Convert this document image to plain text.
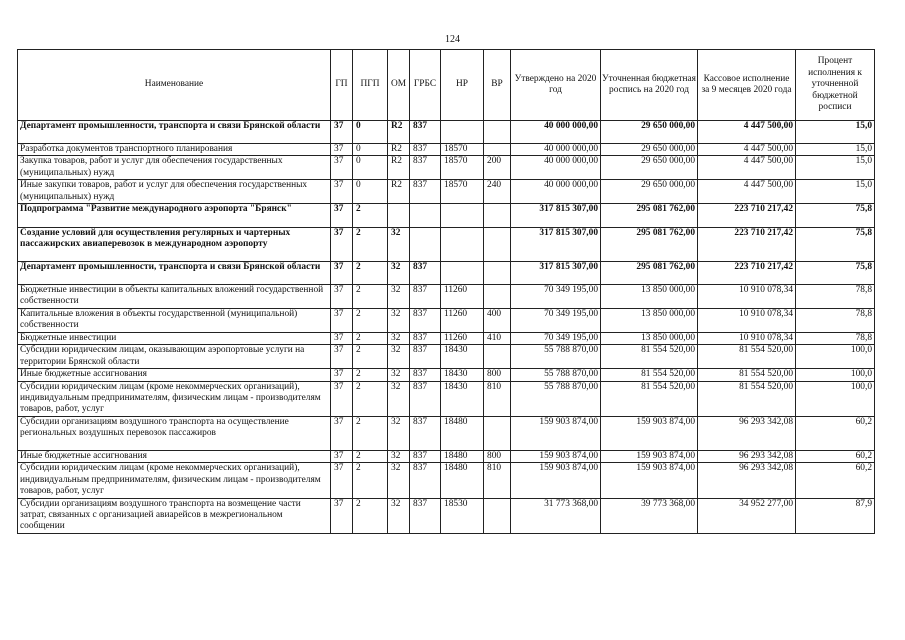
124
Наименование	ГП	ПГП	ОМ	ГРБС	НР	ВР	Утверждено на 2020 год	Уточненная бюджетная роспись на 2020 год	Кассовое исполнение за 9 месяцев 2020 года	Процент исполнения к уточненной бюджетной росписи
Департамент промышленности, транспорта и связи Брянской области	37	0	R2	837			40 000 000,00	29 650 000,00	4 447 500,00	15,0
Разработка документов транспортного планирования	37	0	R2	837	18570		40 000 000,00	29 650 000,00	4 447 500,00	15,0
Закупка товаров, работ и услуг для обеспечения государственных (муниципальных) нужд	37	0	R2	837	18570	200	40 000 000,00	29 650 000,00	4 447 500,00	15,0
Иные закупки товаров, работ и услуг для обеспечения государственных (муниципальных) нужд	37	0	R2	837	18570	240	40 000 000,00	29 650 000,00	4 447 500,00	15,0
Подпрограмма "Развитие международного аэропорта "Брянск"	37	2					317 815 307,00	295 081 762,00	223 710 217,42	75,8
Создание условий для осуществления регулярных и чартерных пассажирских авиаперевозок в международном аэропорту	37	2	32				317 815 307,00	295 081 762,00	223 710 217,42	75,8
Департамент промышленности, транспорта и связи Брянской области	37	2	32	837			317 815 307,00	295 081 762,00	223 710 217,42	75,8
Бюджетные инвестиции в объекты капитальных вложений государственной собственности	37	2	32	837	11260		70 349 195,00	13 850 000,00	10 910 078,34	78,8
Капитальные вложения в объекты государственной (муниципальной) собственности	37	2	32	837	11260	400	70 349 195,00	13 850 000,00	10 910 078,34	78,8
Бюджетные инвестиции	37	2	32	837	11260	410	70 349 195,00	13 850 000,00	10 910 078,34	78,8
Субсидии юридическим лицам, оказывающим аэропортовые услуги на территории Брянской области	37	2	32	837	18430		55 788 870,00	81 554 520,00	81 554 520,00	100,0
Иные бюджетные ассигнования	37	2	32	837	18430	800	55 788 870,00	81 554 520,00	81 554 520,00	100,0
Субсидии юридическим лицам (кроме некоммерческих организаций), индивидуальным предпринимателям, физическим лицам - производителям товаров, работ, услуг	37	2	32	837	18430	810	55 788 870,00	81 554 520,00	81 554 520,00	100,0
Субсидии организациям воздушного транспорта на осуществление региональных воздушных перевозок пассажиров	37	2	32	837	18480		159 903 874,00	159 903 874,00	96 293 342,08	60,2
Иные бюджетные ассигнования	37	2	32	837	18480	800	159 903 874,00	159 903 874,00	96 293 342,08	60,2
Субсидии юридическим лицам (кроме некоммерческих организаций), индивидуальным предпринимателям, физическим лицам - производителям товаров, работ, услуг	37	2	32	837	18480	810	159 903 874,00	159 903 874,00	96 293 342,08	60,2
Субсидии организациям воздушного транспорта на возмещение части затрат, связанных с организацией авиарейсов в межрегиональном сообщении	37	2	32	837	18530		31 773 368,00	39 773 368,00	34 952 277,00	87,9
